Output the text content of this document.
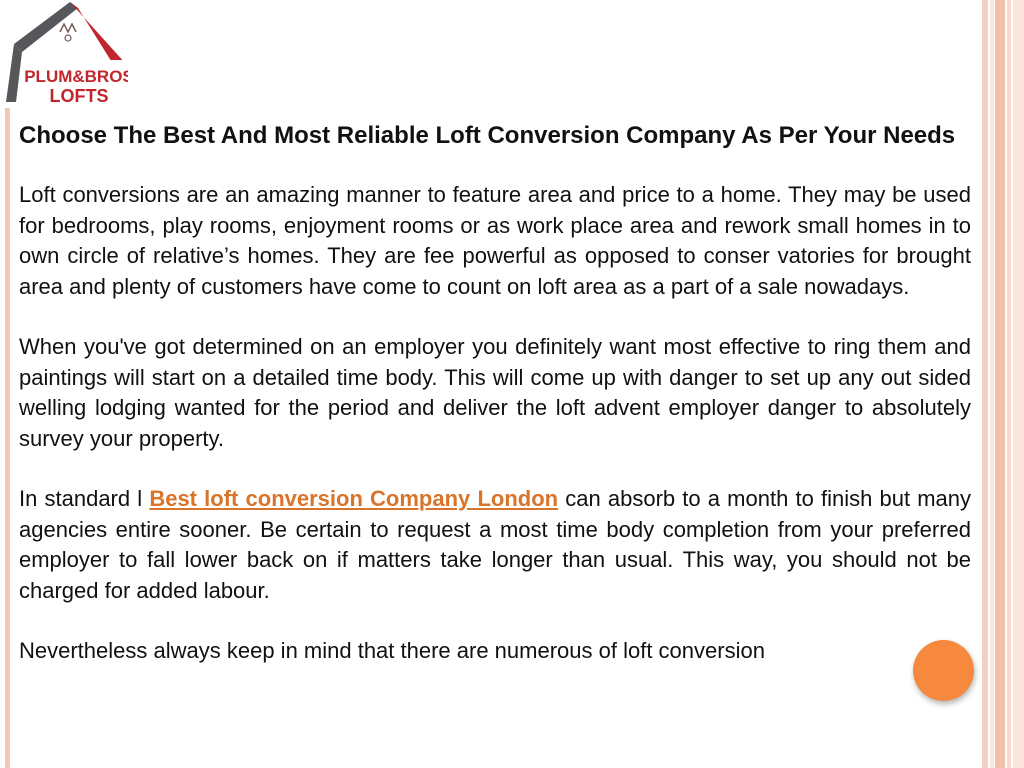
PLUM&BROS
LOFTS
Choose The Best And Most Reliable Loft Conversion Company As Per Your Needs

Loft conversions are an amazing manner to feature area and price to a home. They may be used for bedrooms, play rooms, enjoyment rooms or as work place area and rework small homes in to own circle of relative’s homes. They are fee powerful as opposed to conser vatories for brought area and plenty of customers have come to count on loft area as a part of a sale nowadays.

When you've got determined on an employer you definitely want most effective to ring them and paintings will start on a detailed time body. This will come up with danger to set up any out sided welling lodging wanted for the period and deliver the loft advent employer danger to absolutely survey your property.

In standard l Best loft conversion Company London can absorb to a month to finish but many agencies entire sooner. Be certain to request a most time body completion from your preferred employer to fall lower back on if matters take longer than usual. This way, you should not be charged for added labour.

Nevertheless always keep in mind that there are numerous of loft conversion
